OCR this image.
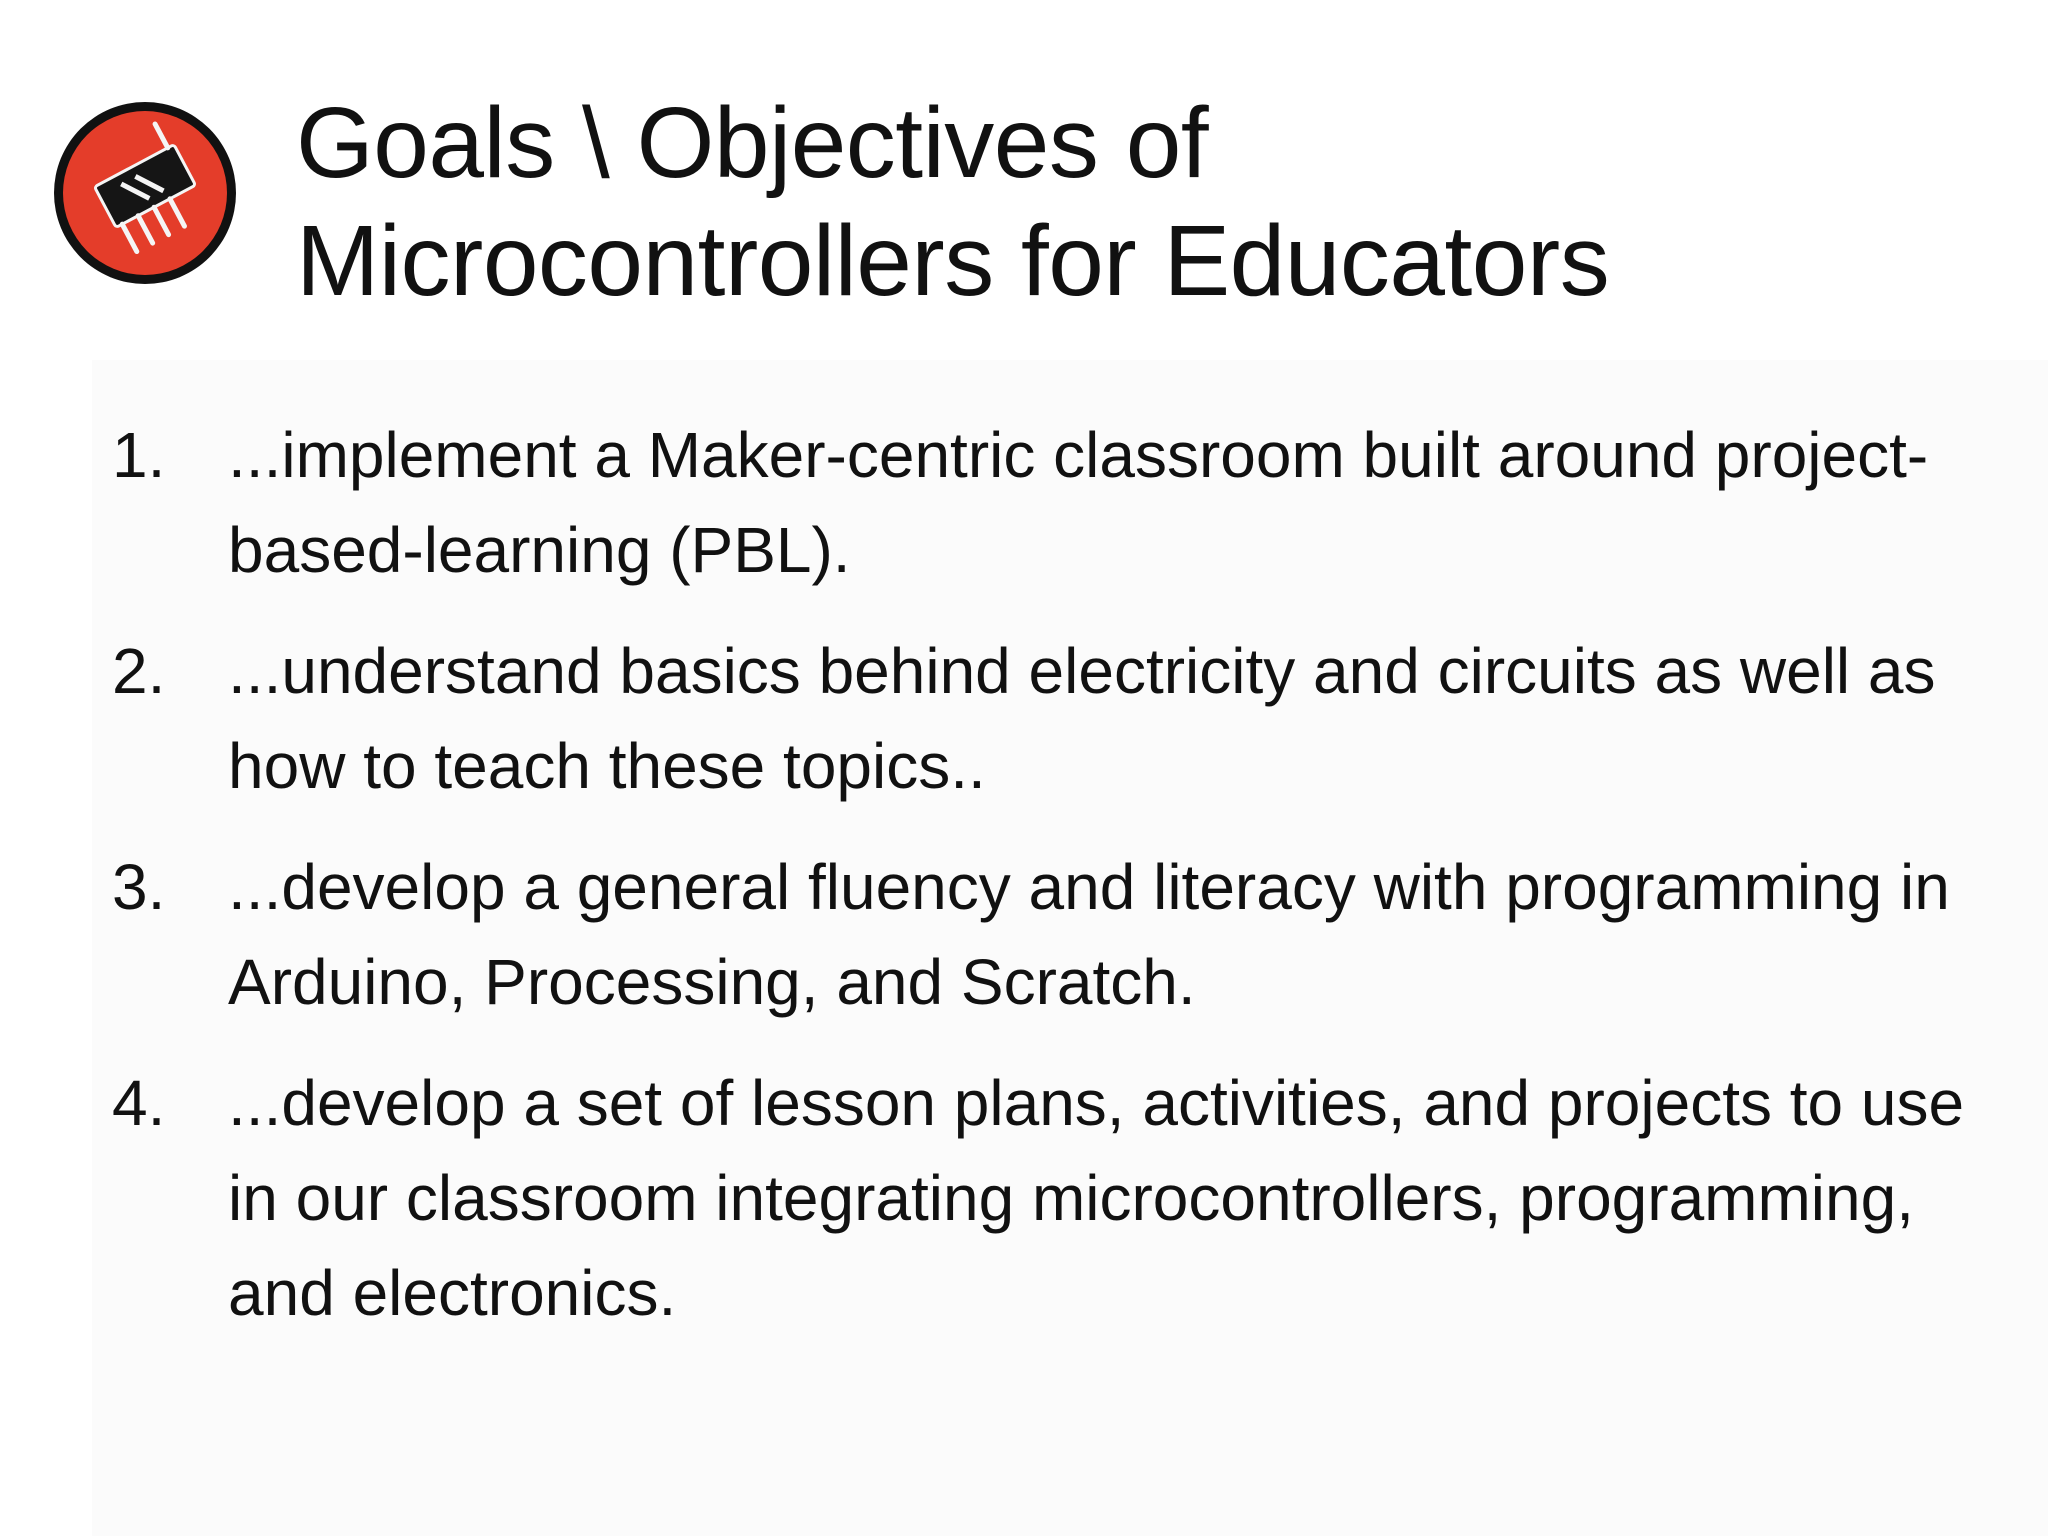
Goals \ Objectives of
Microcontrollers for Educators
1. ...implement a Maker-centric classroom built around project-based-learning (PBL).
2. ...understand basics behind electricity and circuits as well as how to teach these topics..
3. ...develop a general fluency and literacy with programming in Arduino, Processing, and Scratch.
4. ...develop a set of lesson plans, activities, and projects to use in our classroom integrating microcontrollers, programming, and electronics.
